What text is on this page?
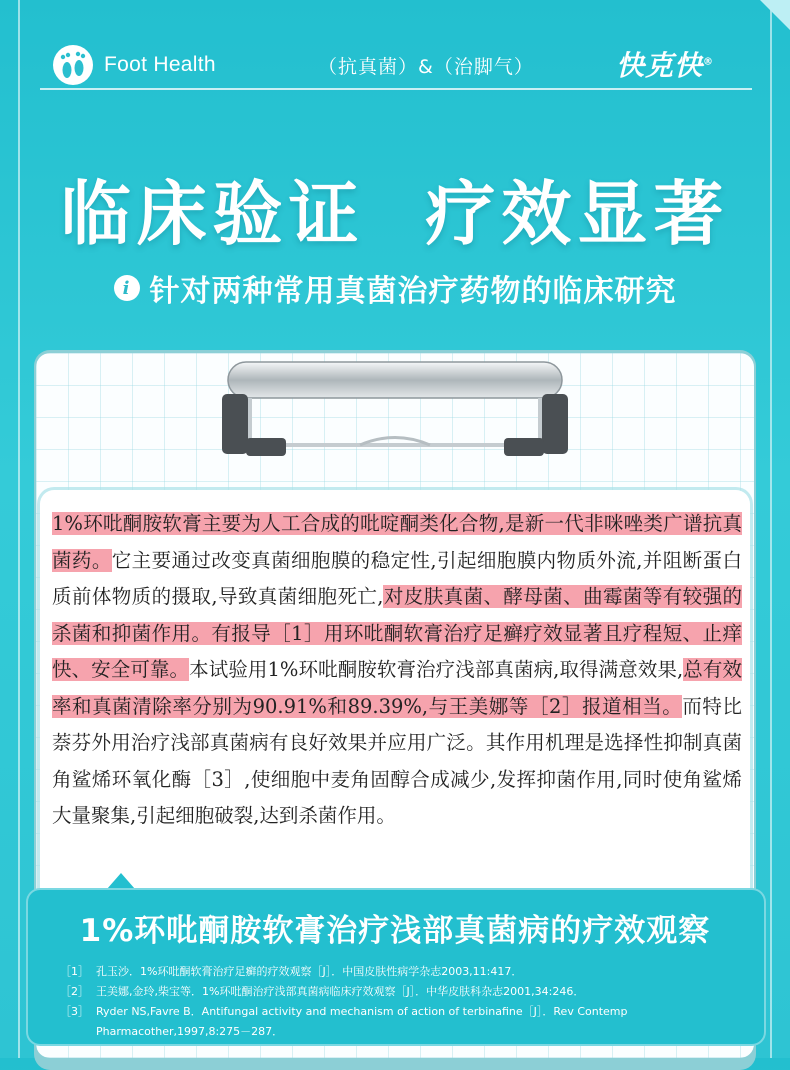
Foot Health	（抗真菌）&（治脚气）	快克快®
临床验证  疗效显著
i 针对两种常用真菌治疗药物的临床研究
1%环吡酮胺软膏主要为人工合成的吡啶酮类化合物,是新一代非咪唑类广谱抗真菌药。它主要通过改变真菌细胞膜的稳定性,引起细胞膜内物质外流,并阻断蛋白质前体物质的摄取,导致真菌细胞死亡,对皮肤真菌、酵母菌、曲霉菌等有较强的杀菌和抑菌作用。有报导［1］用环吡酮软膏治疗足癣疗效显著且疗程短、止痒快、安全可靠。本试验用1%环吡酮胺软膏治疗浅部真菌病,取得满意效果,总有效率和真菌清除率分别为90.91%和89.39%,与王美娜等［2］报道相当。而特比萘芬外用治疗浅部真菌病有良好效果并应用广泛。其作用机理是选择性抑制真菌角鲨烯环氧化酶［3］,使细胞中麦角固醇合成减少,发挥抑菌作用,同时使角鲨烯大量聚集,引起细胞破裂,达到杀菌作用。
1%环吡酮胺软膏治疗浅部真菌病的疗效观察
［1］ 孔玉沙．1%环吡酮软膏治疗足癣的疗效观察［J］．中国皮肤性病学杂志2003,11:417．
［2］ 王美娜,金玲,柴宝等．1%环吡酮治疗浅部真菌病临床疗效观察［J］．中华皮肤科杂志2001,34:246．
［3］ Ryder NS,Favre B．Antifungal activity and mechanism of action of terbinafine［J］．Rev Contemp
Pharmacother,1997,8:275－287．
